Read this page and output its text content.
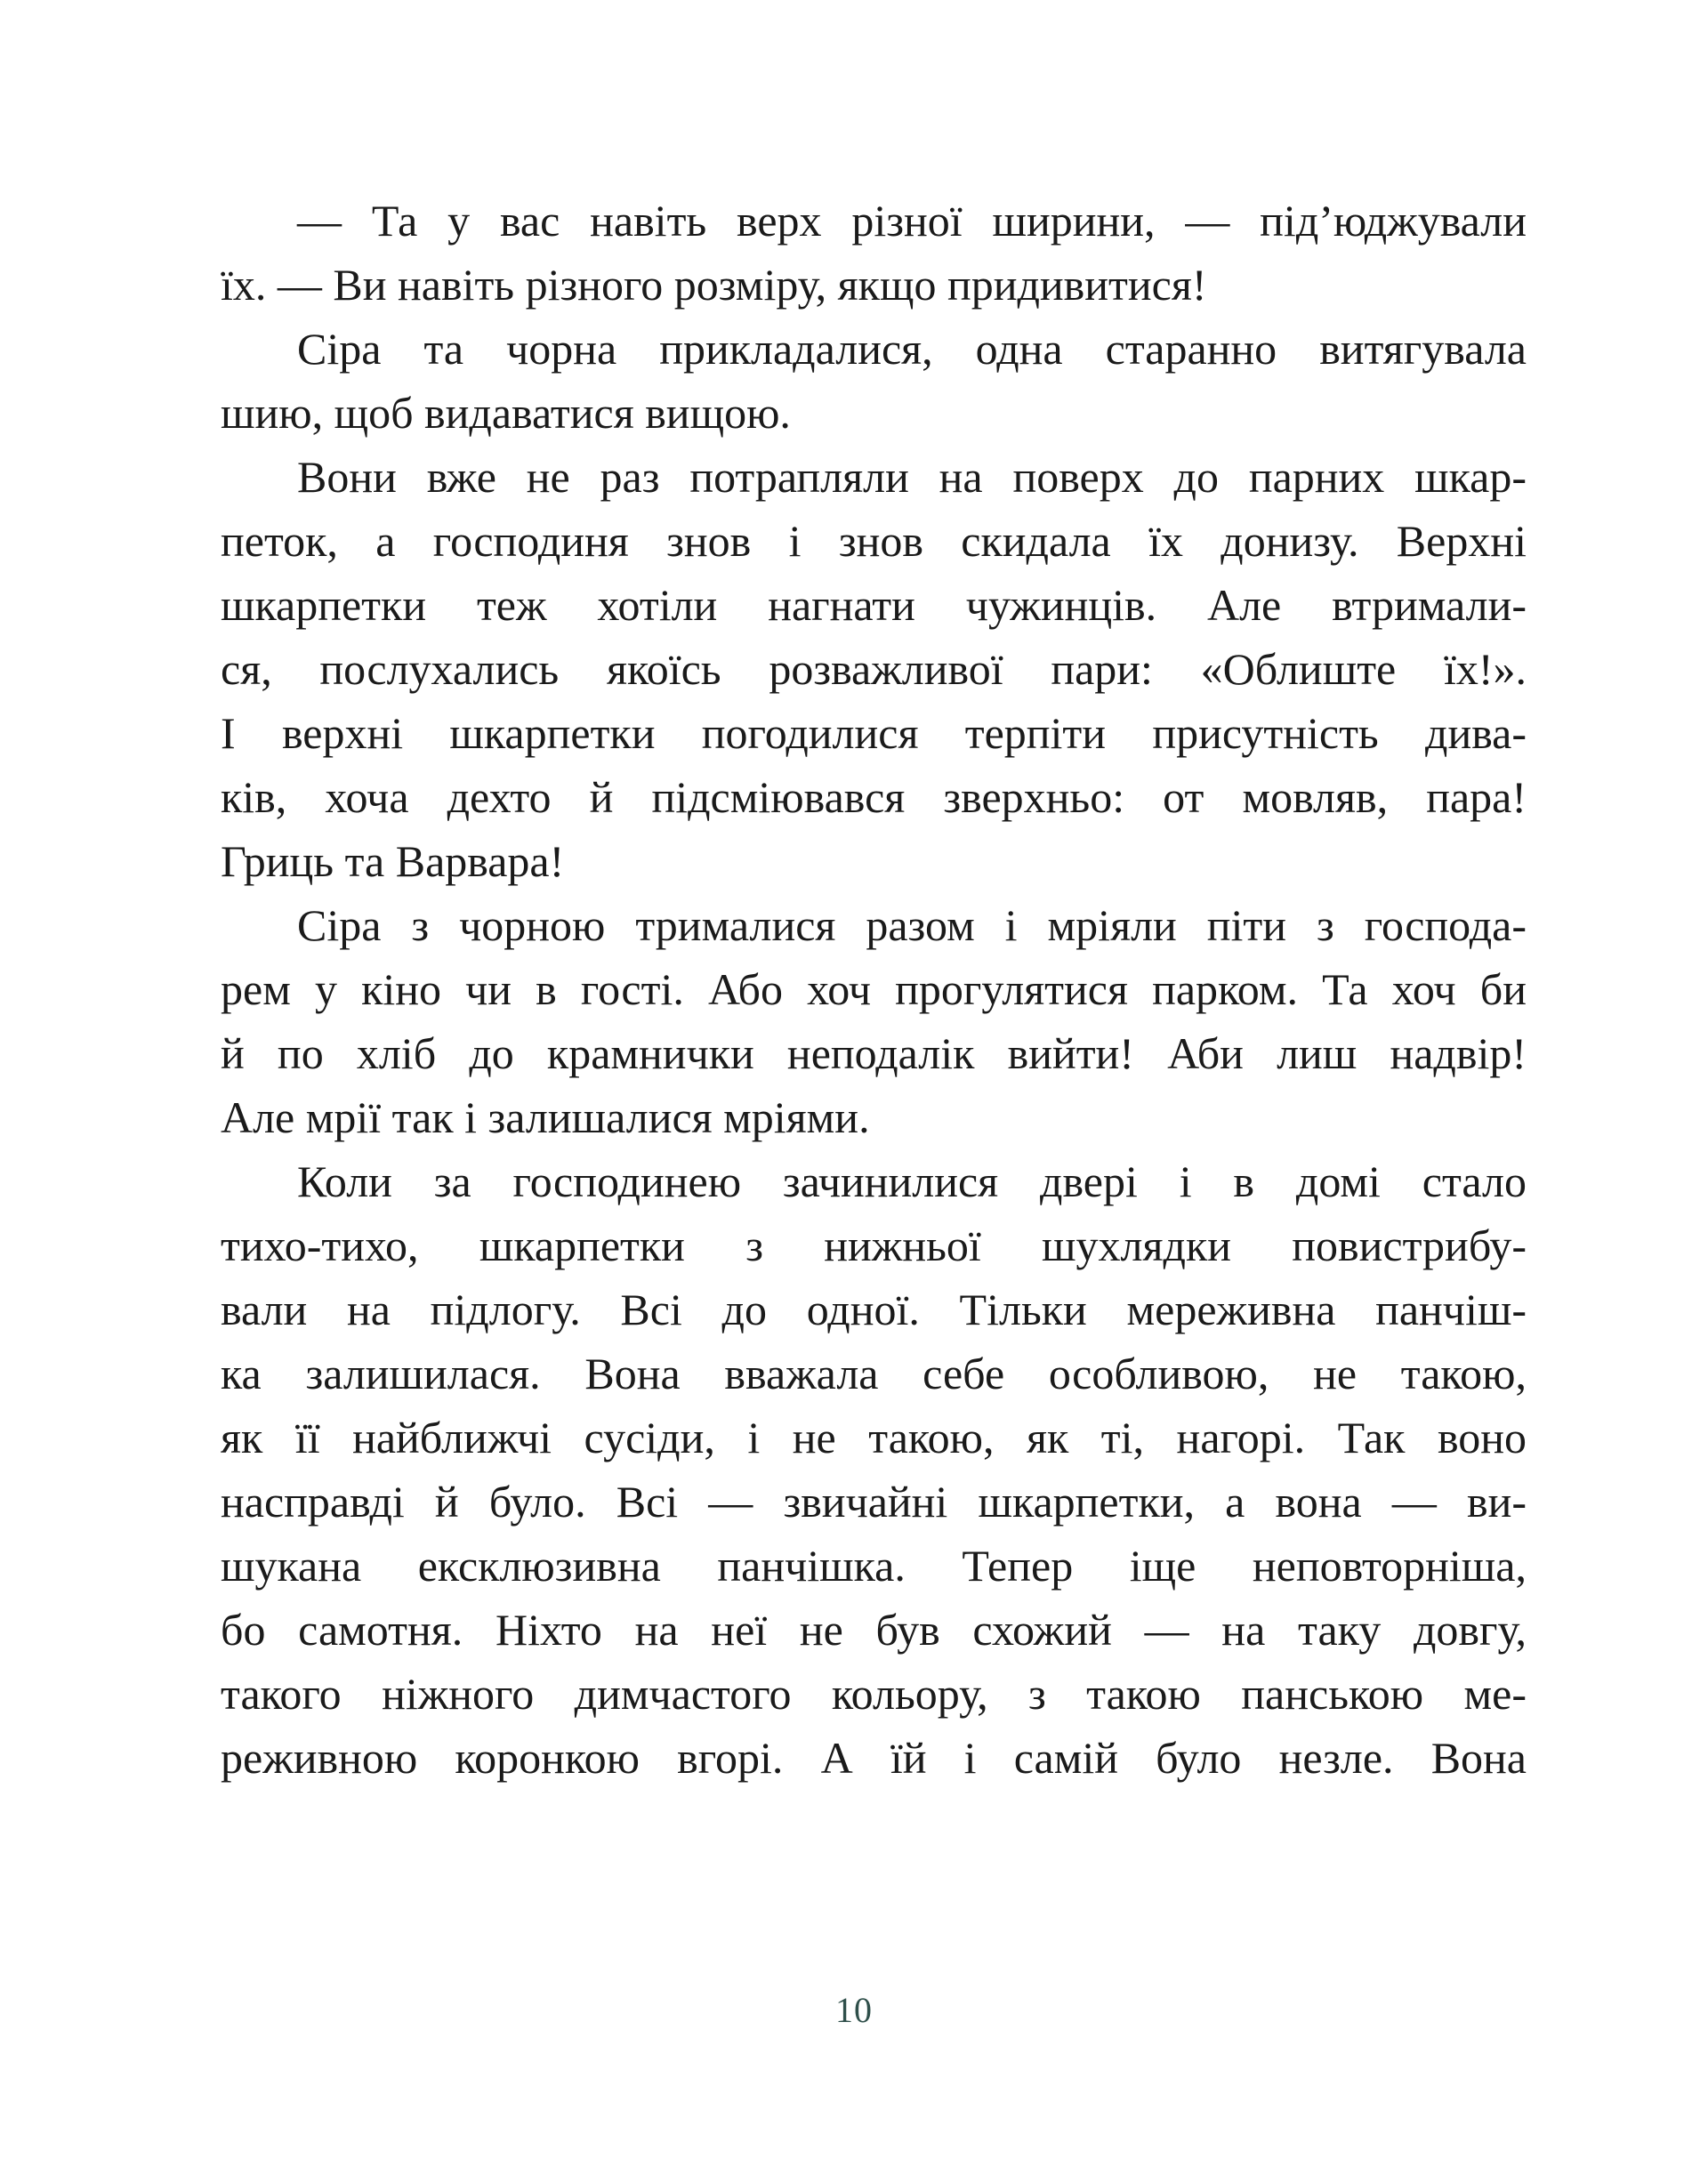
— Та у вас навіть верх різної ширини, — під’юджували
їх. — Ви навіть різного розміру, якщо придивитися!
Сіра та чорна прикладалися, одна старанно витягувала
шию, щоб видаватися вищою.
Вони вже не раз потрапляли на поверх до парних шкар-
петок, а господиня знов і знов скидала їх донизу. Верхні
шкарпетки теж хотіли нагнати чужинців. Але втримали-
ся, послухались якоїсь розважливої пари: «Облиште їх!».
І верхні шкарпетки погодилися терпіти присутність дива-
ків, хоча дехто й підсміювався зверхньо: от мовляв, пара!
Гриць та Варвара!
Сіра з чорною трималися разом і мріяли піти з господа-
рем у кіно чи в гості. Або хоч прогулятися парком. Та хоч би
й по хліб до крамнички неподалік вийти! Аби лиш надвір!
Але мрії так і залишалися мріями.
Коли за господинею зачинилися двері і в домі стало
тихо-тихо, шкарпетки з нижньої шухлядки повистрибу-
вали на підлогу. Всі до одної. Тільки мереживна панчіш-
ка залишилася. Вона вважала себе особливою, не такою,
як її найближчі сусіди, і не такою, як ті, нагорі. Так воно
насправді й було. Всі — звичайні шкарпетки, а вона — ви-
шукана ексклюзивна панчішка. Тепер іще неповторніша,
бо самотня. Ніхто на неї не був схожий — на таку довгу,
такого ніжного димчастого кольору, з такою панською ме-
реживною коронкою вгорі. А їй і самій було незле. Вона
10
